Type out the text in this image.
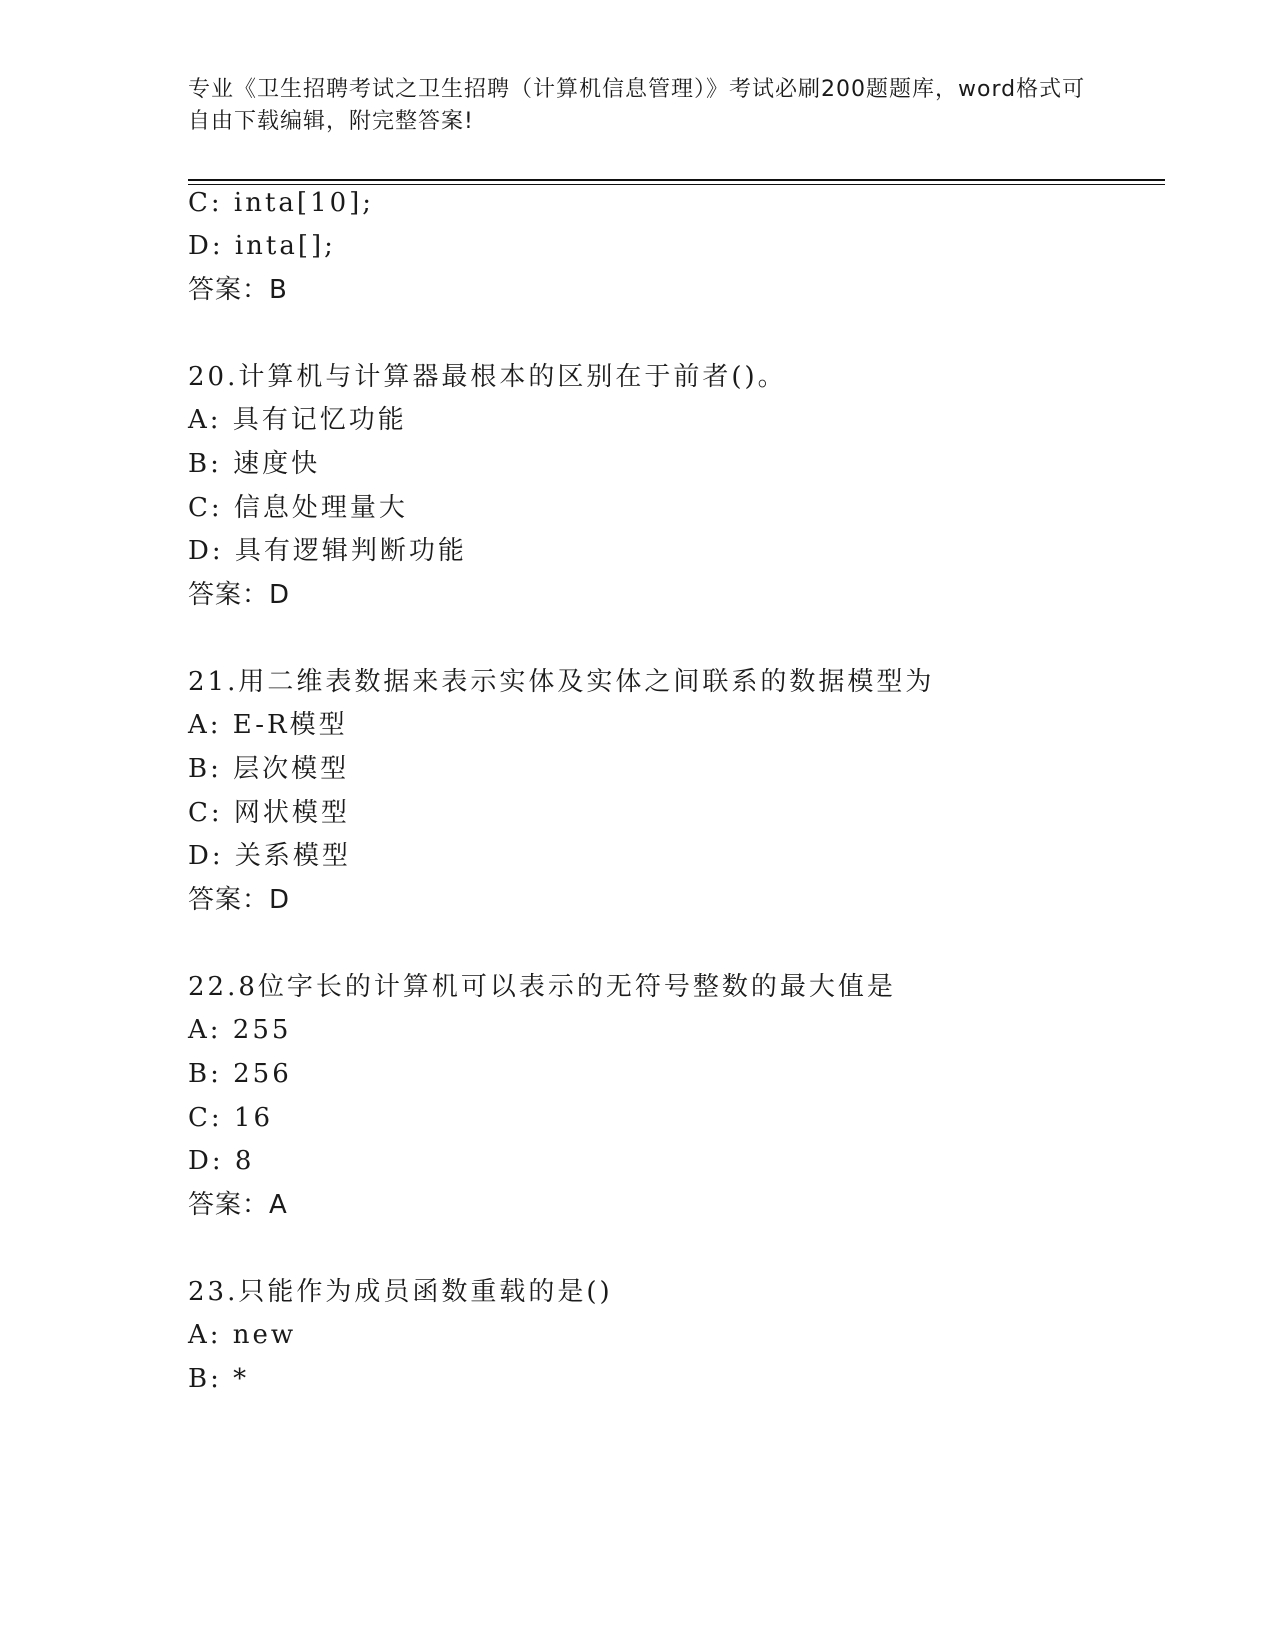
专业《卫生招聘考试之卫生招聘（计算机信息管理）》考试必刷200题题库，word格式可自由下载编辑，附完整答案!
C: inta[10];
D: inta[];
答案：B
20.计算机与计算器最根本的区别在于前者()。
A: 具有记忆功能
B: 速度快
C: 信息处理量大
D: 具有逻辑判断功能
答案：D
21.用二维表数据来表示实体及实体之间联系的数据模型为
A: E-R模型
B: 层次模型
C: 网状模型
D: 关系模型
答案：D
22.8位字长的计算机可以表示的无符号整数的最大值是
A: 255
B: 256
C: 16
D: 8
答案：A
23.只能作为成员函数重载的是()
A: new
B: *
